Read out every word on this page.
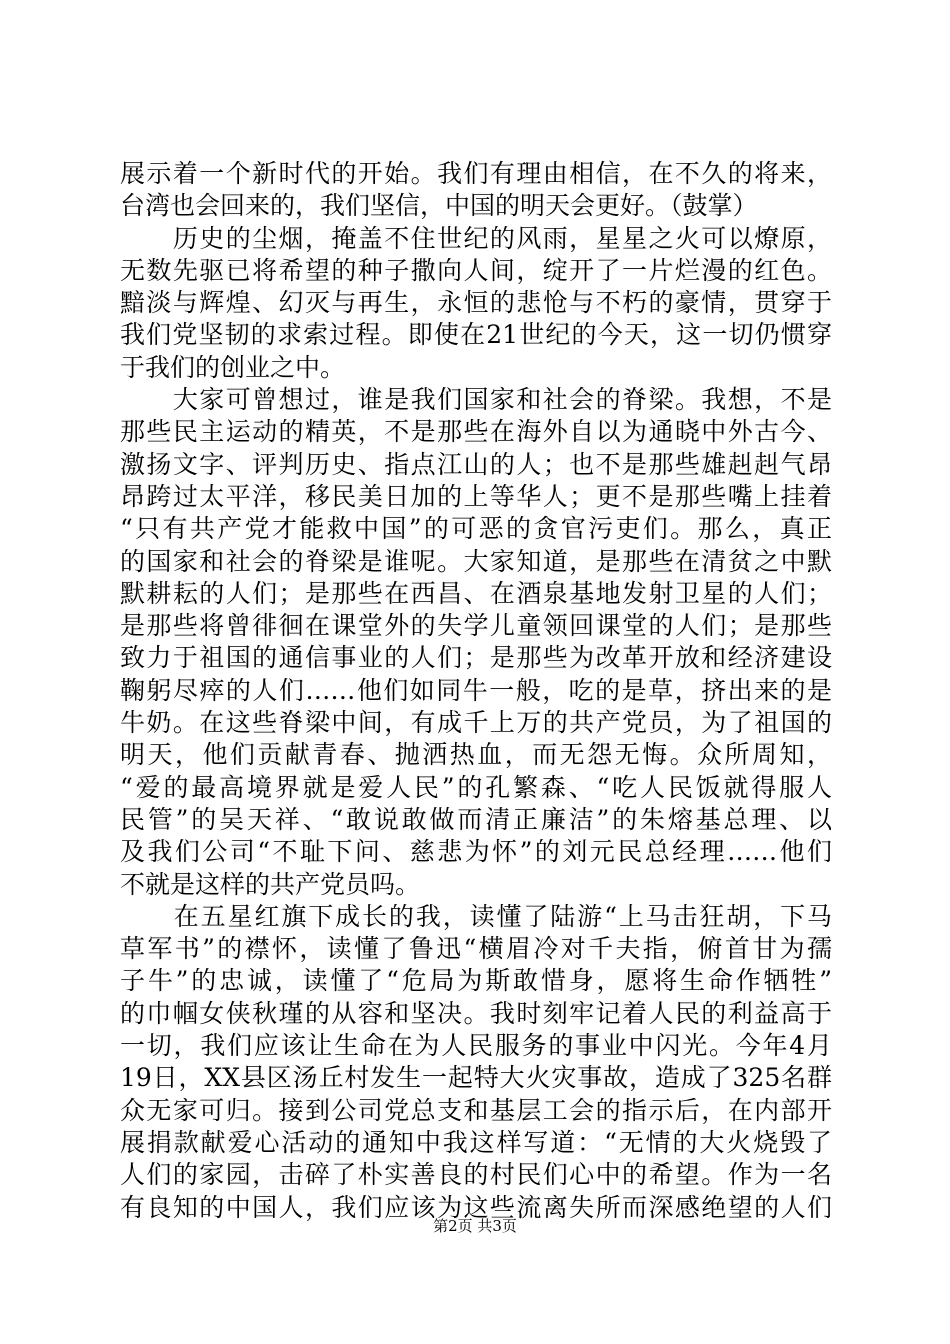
展示着一个新时代的开始。我们有理由相信，在不久的将来，
台湾也会回来的，我们坚信，中国的明天会更好。（鼓掌）
　　历史的尘烟，掩盖不住世纪的风雨，星星之火可以燎原，
无数先驱已将希望的种子撒向人间，绽开了一片烂漫的红色。
黯淡与辉煌、幻灭与再生，永恒的悲怆与不朽的豪情，贯穿于
我们党坚韧的求索过程。即使在21世纪的今天，这一切仍惯穿
于我们的创业之中。
　　大家可曾想过，谁是我们国家和社会的脊梁。我想，不是
那些民主运动的精英，不是那些在海外自以为通晓中外古今、
激扬文字、评判历史、指点江山的人；也不是那些雄赳赳气昂
昂跨过太平洋，移民美日加的上等华人；更不是那些嘴上挂着
“只有共产党才能救中国”的可恶的贪官污吏们。那么，真正
的国家和社会的脊梁是谁呢。大家知道，是那些在清贫之中默
默耕耘的人们；是那些在西昌、在酒泉基地发射卫星的人们；
是那些将曾徘徊在课堂外的失学儿童领回课堂的人们；是那些
致力于祖国的通信事业的人们；是那些为改革开放和经济建设
鞠躬尽瘁的人们……他们如同牛一般，吃的是草，挤出来的是
牛奶。在这些脊梁中间，有成千上万的共产党员，为了祖国的
明天，他们贡献青春、抛洒热血，而无怨无悔。众所周知，
“爱的最高境界就是爱人民”的孔繁森、“吃人民饭就得服人
民管”的吴天祥、“敢说敢做而清正廉洁”的朱熔基总理、以
及我们公司“不耻下问、慈悲为怀”的刘元民总经理……他们
不就是这样的共产党员吗。
　　在五星红旗下成长的我，读懂了陆游“上马击狂胡，下马
草军书”的襟怀，读懂了鲁迅“横眉冷对千夫指，俯首甘为孺
子牛”的忠诚，读懂了“危局为斯敢惜身，愿将生命作牺牲”
的巾帼女侠秋瑾的从容和坚决。我时刻牢记着人民的利益高于
一切，我们应该让生命在为人民服务的事业中闪光。今年4月
19日，XX县区汤丘村发生一起特大火灾事故，造成了325名群
众无家可归。接到公司党总支和基层工会的指示后，在内部开
展捐款献爱心活动的通知中我这样写道：“无情的大火烧毁了
人们的家园，击碎了朴实善良的村民们心中的希望。作为一名
有良知的中国人，我们应该为这些流离失所而深感绝望的人们
第2页 共3页
